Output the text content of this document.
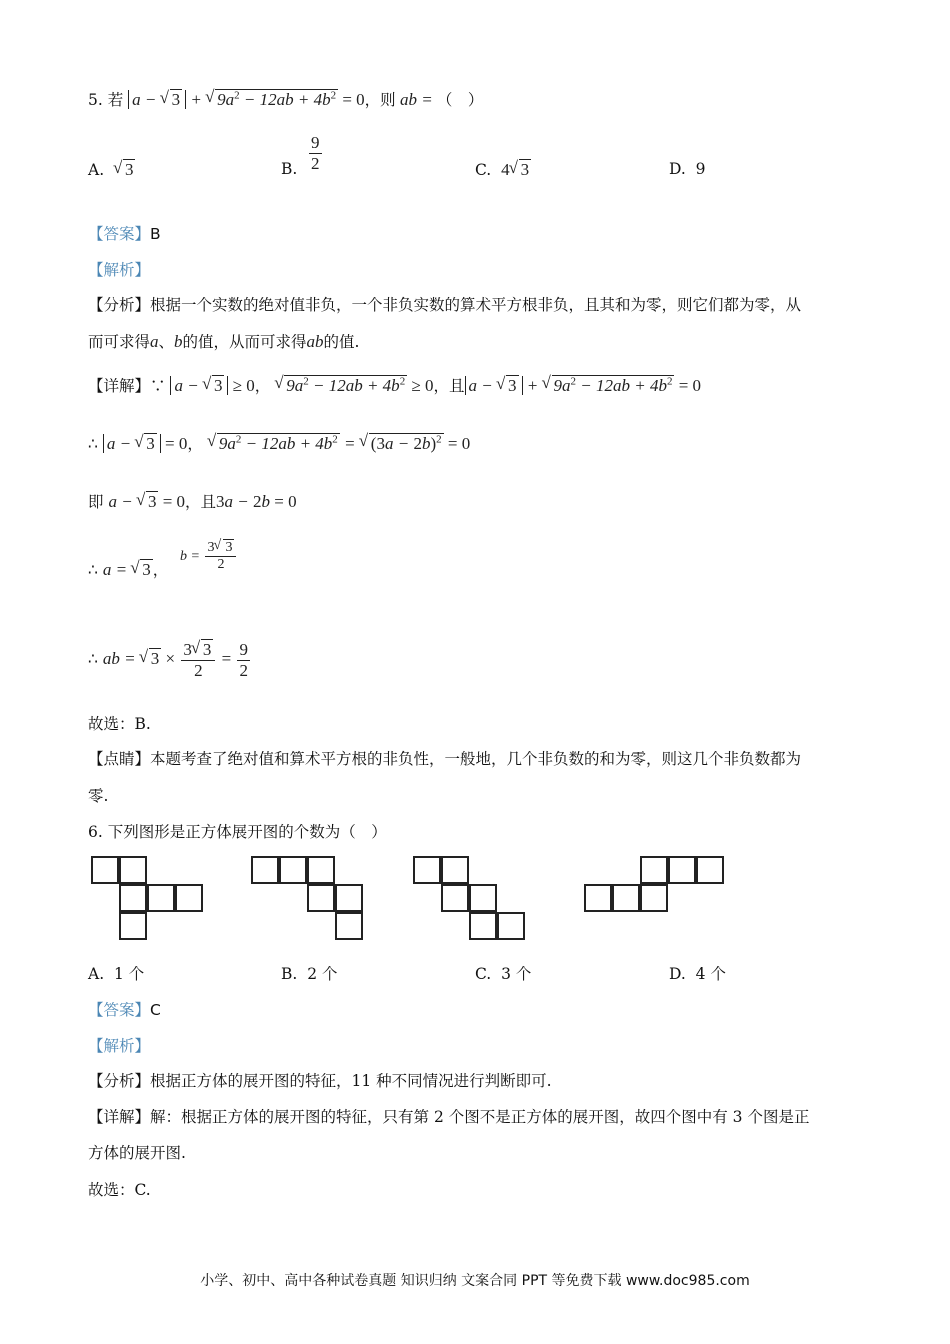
5. 若 a − √ 3 + √ $9a^2 - 12ab + 4b^2 = 0$，则 ab = （　）
A. √ 3	B. $\frac{9}{2}$	C. 4 √ 3	D. 9
【答案】B
【解析】
【分析】根据一个实数的绝对值非负，一个非负实数的算术平方根非负，且其和为零，则它们都为零，从
而可求得a、b的值，从而可求得ab的值.
【详解】∵ a − √ 3 ≥ 0， √ $9a^2 - 12ab + 4b^2 \ge 0$，且 a − √ 3 + √ $9a^2 - 12ab + 4b^2 = 0$
∴ a − √ 3 = 0， √ $9a^2 - 12ab + 4b^2$ = √ $(3a - 2b)^2 = 0$
即 a − √ 3 = 0，且3a − 2b = 0
∴ a = √ 3 ，
$b = \frac{3 √ 3}{2}$
∴ ab = √ $3 \times \frac{3 √ 3}{2} = \frac{9}{2}$
故选：B.
【点睛】本题考查了绝对值和算术平方根的非负性，一般地，几个非负数的和为零，则这几个非负数都为
零.
6. 下列图形是正方体展开图的个数为（　）
A. 1 个	B. 2 个	C. 3 个	D. 4 个
【答案】C
【解析】
【分析】根据正方体的展开图的特征，11 种不同情况进行判断即可.
【详解】解：根据正方体的展开图的特征，只有第 2 个图不是正方体的展开图，故四个图中有 3 个图是正
方体的展开图.
故选：C.
小学、初中、高中各种试卷真题 知识归纳 文案合同 PPT 等免费下载 www.doc985.com
